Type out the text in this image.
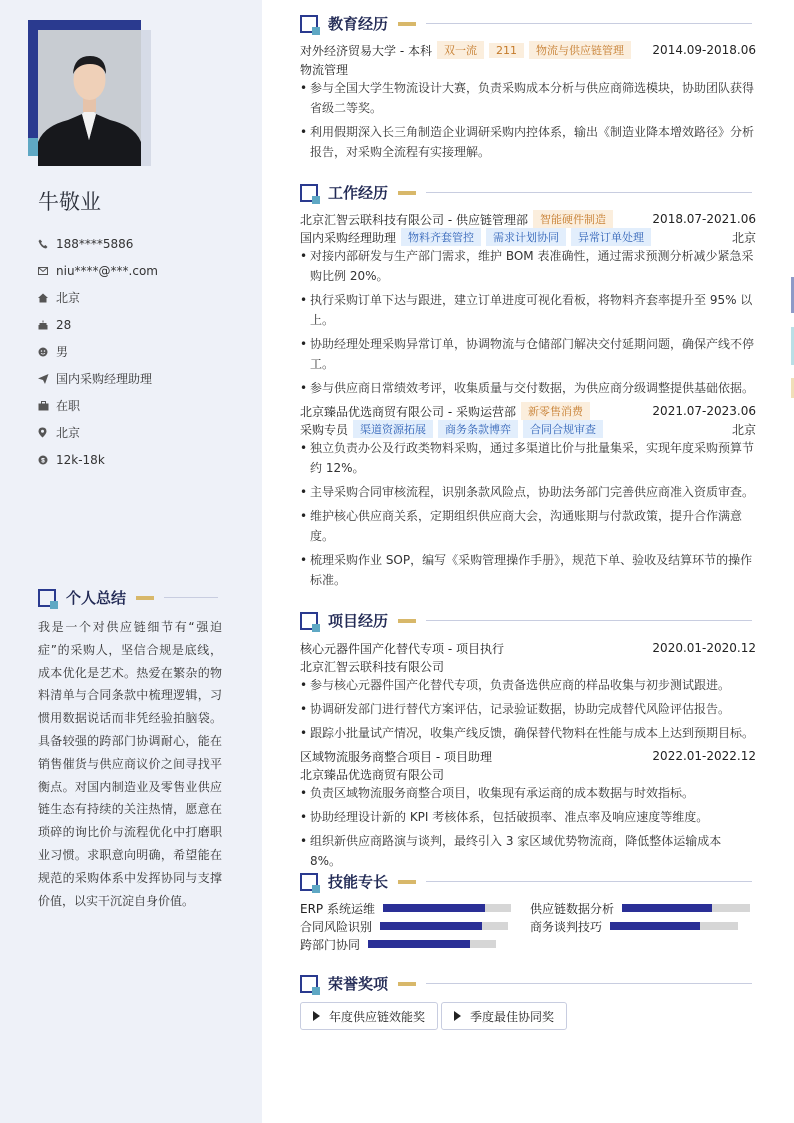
牛敬业
188****5886
niu****@***.com
北京
28
男
国内采购经理助理
在职
北京
12k-18k
个人总结
我是一个对供应链细节有“强迫症”的采购人，坚信合规是底线，成本优化是艺术。热爱在繁杂的物料清单与合同条款中梳理逻辑，习惯用数据说话而非凭经验拍脑袋。具备较强的跨部门协调耐心，能在销售催货与供应商议价之间寻找平衡点。对国内制造业及零售业供应链生态有持续的关注热情，愿意在琐碎的询比价与流程优化中打磨职业习惯。求职意向明确，希望能在规范的采购体系中发挥协同与支撑价值，以实干沉淀自身价值。
教育经历
对外经济贸易大学 - 本科	双一流	211	物流与供应链管理	2014.09-2018.06
物流管理
• 参与全国大学生物流设计大赛，负责采购成本分析与供应商筛选模块，协助团队获得省级二等奖。
• 利用假期深入长三角制造企业调研采购内控体系，输出《制造业降本增效路径》分析报告，对采购全流程有实接理解。
工作经历
北京汇智云联科技有限公司 - 供应链管理部	智能硬件制造	2018.07-2021.06
国内采购经理助理	物料齐套管控	需求计划协同	异常订单处理	北京
• 对接内部研发与生产部门需求，维护 BOM 表准确性，通过需求预测分析减少紧急采购比例 20%。
• 执行采购订单下达与跟进，建立订单进度可视化看板，将物料齐套率提升至 95% 以上。
• 协助经理处理采购异常订单，协调物流与仓储部门解决交付延期问题，确保产线不停工。
• 参与供应商日常绩效考评，收集质量与交付数据，为供应商分级调整提供基础依据。
北京臻品优选商贸有限公司 - 采购运营部	新零售消费	2021.07-2023.06
采购专员	渠道资源拓展	商务条款博弈	合同合规审查	北京
• 独立负责办公及行政类物料采购，通过多渠道比价与批量集采，实现年度采购预算节约 12%。
• 主导采购合同审核流程，识别条款风险点，协助法务部门完善供应商准入资质审查。
• 维护核心供应商关系，定期组织供应商大会，沟通账期与付款政策，提升合作满意度。
• 梳理采购作业 SOP，编写《采购管理操作手册》，规范下单、验收及结算环节的操作标准。
项目经历
核心元器件国产化替代专项 - 项目执行	2020.01-2020.12
北京汇智云联科技有限公司
• 参与核心元器件国产化替代专项，负责备选供应商的样品收集与初步测试跟进。
• 协调研发部门进行替代方案评估，记录验证数据，协助完成替代风险评估报告。
• 跟踪小批量试产情况，收集产线反馈，确保替代物料在性能与成本上达到预期目标。
区域物流服务商整合项目 - 项目助理	2022.01-2022.12
北京臻品优选商贸有限公司
• 负责区域物流服务商整合项目，收集现有承运商的成本数据与时效指标。
• 协助经理设计新的 KPI 考核体系，包括破损率、准点率及响应速度等维度。
• 组织新供应商路演与谈判，最终引入 3 家区域优势物流商，降低整体运输成本 8%。
技能专长
ERP 系统运维	供应链数据分析
合同风险识别	商务谈判技巧
跨部门协同
荣誉奖项
年度供应链效能奖	季度最佳协同奖
